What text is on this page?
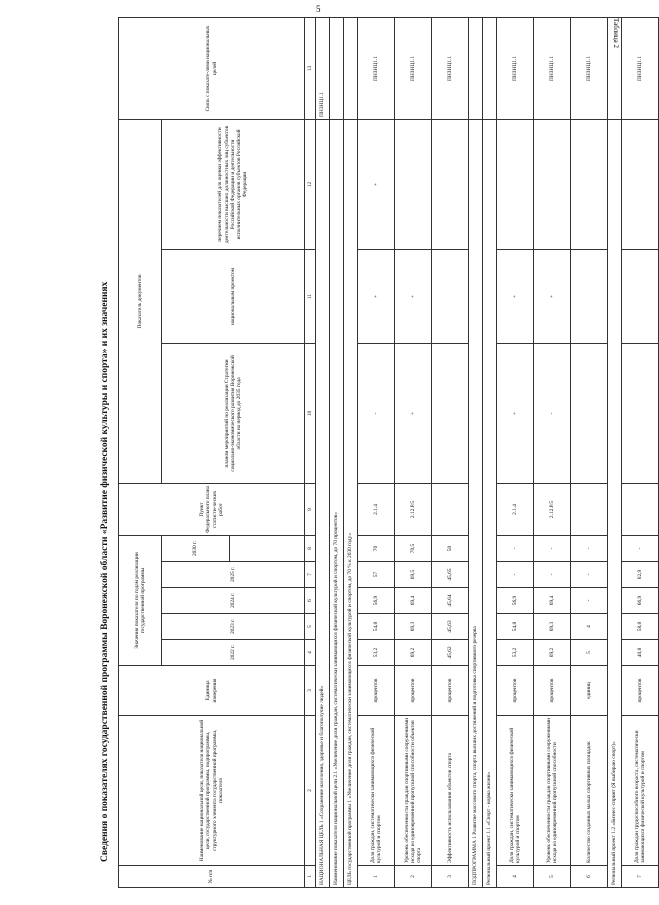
5
Таблица 2
Сведения о показателях государственной программы Воронежской области «Развитие физической культуры и спорта» и их значениях
№ п/п	Наименование национальной цели, показателя национальной цели, государственной программы, подпрограммы, структурного элемента государственной программы, показателя	Единица измерения	Значения показателя по годам реализации государственной программы					Пункт Федерального плана статисти-ческих работ	Показатель документов			Связь с показате-лями национальных целей
			2022 г.	2023 г.	2024 г.	2025 г.	2030 г.		планом мероприятий по реализации Стратегии социально-экономического развития Воронежской области на период до 2035 года	национальным проектом	перечнем показателей для оценки эффективности деятельности высших должностных лиц субъектов Российской Федерации и деятельности исполнительных органов субъектов Российской Федерации	

1	2	3	4	5	6	7	8	9	10	11	12	13
НАЦИОНАЛЬНАЯ ЦЕЛЬ 1 «Сохранение населения, здоровье и благополучие людей»												ПНЗНЦ1.1
Наименование показателя национальной цели 2.1 «Увеличение доли граждан, систематически занимающихся физической культурой и спортом, до 70 процентов»												
ЦЕЛЬ государственной программы 1 «Увеличение доли граждан, систематически занимающихся физической культурой и спортом, до 70 % к 2030 году»												
1	Доля граждан, систематически занимающихся физической культурой и спортом	процентов	53,2	54,8	56,9	57	70	2.1.4	-	+	+	ПНЗНЦ1.1
2	Уровень обеспеченности граждан спортивными сооружениями исходя из единовременной пропускной способности объектов спорта	процентов	69,2	69,3	69,4	69,5	70,5	2.12.P.5	+	+		ПНЗНЦ1.1
3	Эффективность использования объектов спорта	процентов	45,62	45,63	45,64	45,65	50					ПНЗНЦ1.1
ПОДПРОГРАММА 1 Развитие массового спорта, спорта высших достижений и подготовка спортивного резерва												
Региональный проект 1.1 «Спорт - норма жизни»												
4	Доля граждан, систематически занимающихся физической культурой и спортом	процентов	53,2	54,8	56,9	-	-	2.1.4	+	+		ПНЗНЦ1.1
5	Уровень обеспеченности граждан спортивными сооружениями исходя из единовременной пропускной способности	процентов	69,2	69,3	69,4	-	-	2.12.P.5	-	+		ПНЗНЦ1.1
6	Количество созданных малых спортивных площадок	единиц	5	4	-	-	-					ПНЗНЦ1.1
Региональный проект 1.2 «Бизнес-спринт (Я выбираю спорт)»												
7	Доля граждан трудоспособного возраста, систематически занимающихся физической культурой и спортом	процентов	40,8	58,8	66,9	62,9	-					ПНЗНЦ1.1
